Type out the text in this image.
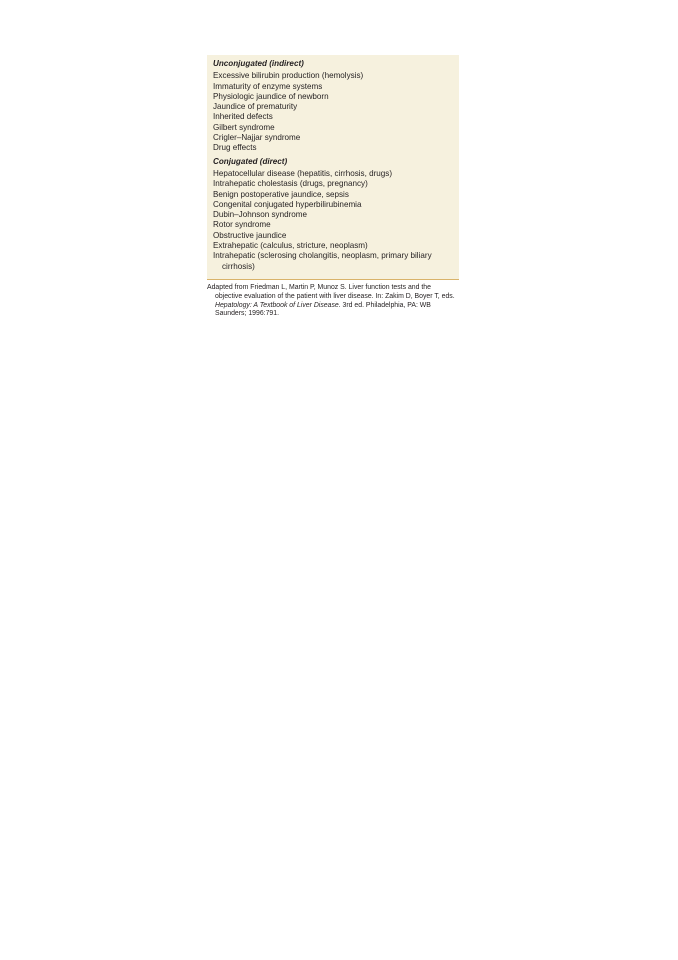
Unconjugated (indirect)

Excessive bilirubin production (hemolysis)

Immaturity of enzyme systems

Physiologic jaundice of newborn

Jaundice of prematurity

Inherited defects

Gilbert syndrome

Crigler–Najjar syndrome

Drug effects

Conjugated (direct)

Hepatocellular disease (hepatitis, cirrhosis, drugs)

Intrahepatic cholestasis (drugs, pregnancy)

Benign postoperative jaundice, sepsis

Congenital conjugated hyperbilirubinemia

Dubin–Johnson syndrome

Rotor syndrome

Obstructive jaundice

Extrahepatic (calculus, stricture, neoplasm)

Intrahepatic (sclerosing cholangitis, neoplasm, primary biliary cirrhosis)

Adapted from Friedman L, Martin P, Munoz S. Liver function tests and the objective evaluation of the patient with liver disease. In: Zakim D, Boyer T, eds. Hepatology: A Textbook of Liver Disease. 3rd ed. Philadelphia, PA: WB Saunders; 1996:791.
